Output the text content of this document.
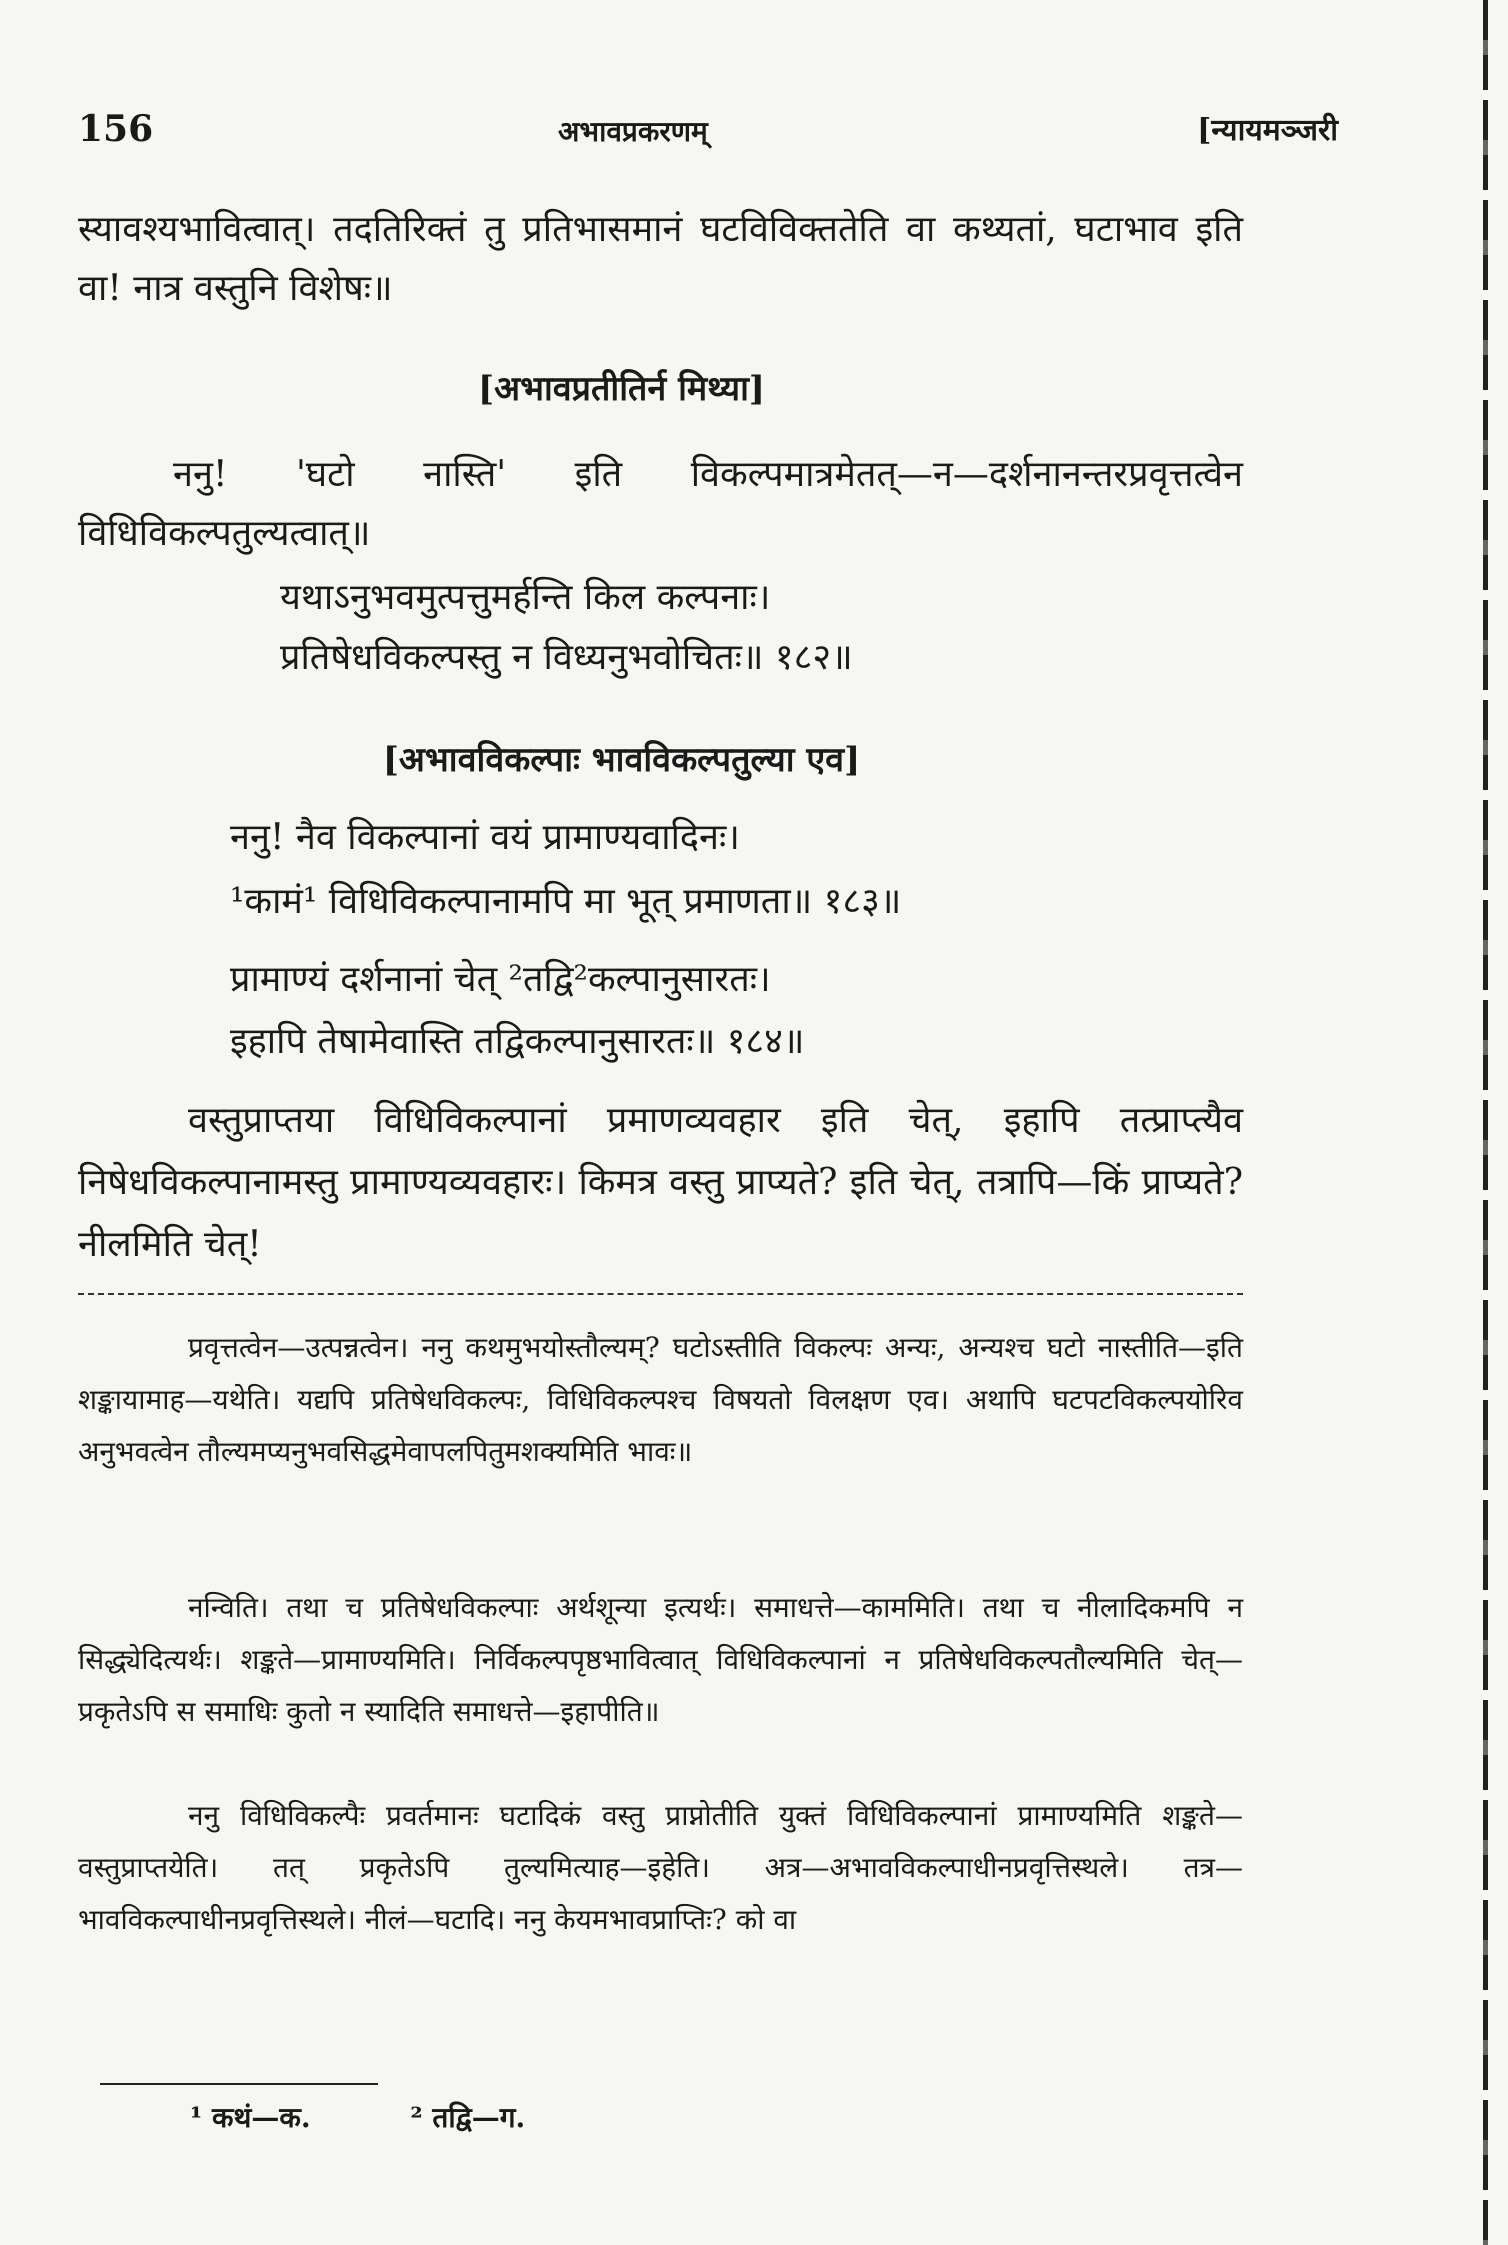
156	अभावप्रकरणम्	[न्यायमञ्जरी
स्यावश्यभावित्वात्। तदतिरिक्तं तु प्रतिभासमानं घटविविक्ततेति वा कथ्यतां, घटाभाव इति वा! नात्र वस्तुनि विशेषः॥
[अभावप्रतीतिर्न मिथ्या]
ननु! 'घटो नास्ति' इति विकल्पमात्रमेतत्—न—दर्शनानन्तरप्रवृत्तत्वेन विधिविकल्पतुल्यत्वात्॥
यथाऽनुभवमुत्पत्तुमर्हन्ति किल कल्पनाः।
प्रतिषेधविकल्पस्तु न विध्यनुभवोचितः॥ १८२॥
[अभावविकल्पाः भावविकल्पतुल्या एव]
ननु! नैव विकल्पानां वयं प्रामाण्यवादिनः।
¹कामं¹ विधिविकल्पानामपि मा भूत् प्रमाणता॥ १८३॥
प्रामाण्यं दर्शनानां चेत् ²तद्वि²कल्पानुसारतः।
इहापि तेषामेवास्ति तद्विकल्पानुसारतः॥ १८४॥
वस्तुप्राप्तया विधिविकल्पानां प्रमाणव्यवहार इति चेत्, इहापि तत्प्राप्त्यैव निषेधविकल्पानामस्तु प्रामाण्यव्यवहारः। किमत्र वस्तु प्राप्यते? इति चेत्, तत्रापि—किं प्राप्यते? नीलमिति चेत्!
प्रवृत्तत्वेन—उत्पन्नत्वेन। ननु कथमुभयोस्तौल्यम्? घटोऽस्तीति विकल्पः अन्यः, अन्यश्च घटो नास्तीति—इति शङ्कायामाह—यथेति। यद्यपि प्रतिषेधविकल्पः, विधिविकल्पश्च विषयतो विलक्षण एव। अथापि घटपटविकल्पयोरिव अनुभवत्वेन तौल्यमप्यनुभवसिद्धमेवापलपितुमशक्यमिति भावः॥
नन्विति। तथा च प्रतिषेधविकल्पाः अर्थशून्या इत्यर्थः। समाधत्ते—काममिति। तथा च नीलादिकमपि न सिद्ध्येदित्यर्थः। शङ्कते—प्रामाण्यमिति। निर्विकल्पपृष्ठभावित्वात् विधिविकल्पानां न प्रतिषेधविकल्पतौल्यमिति चेत्—प्रकृतेऽपि स समाधिः कुतो न स्यादिति समाधत्ते—इहापीति॥
ननु विधिविकल्पैः प्रवर्तमानः घटादिकं वस्तु प्राप्नोतीति युक्तं विधिविकल्पानां प्रामाण्यमिति शङ्कते—वस्तुप्राप्तयेति। तत् प्रकृतेऽपि तुल्यमित्याह—इहेति। अत्र—अभावविकल्पाधीनप्रवृत्तिस्थले। तत्र—भावविकल्पाधीनप्रवृत्तिस्थले। नीलं—घटादि। ननु केयमभावप्राप्तिः? को वा
¹ कथं—क.	² तद्वि—ग.
